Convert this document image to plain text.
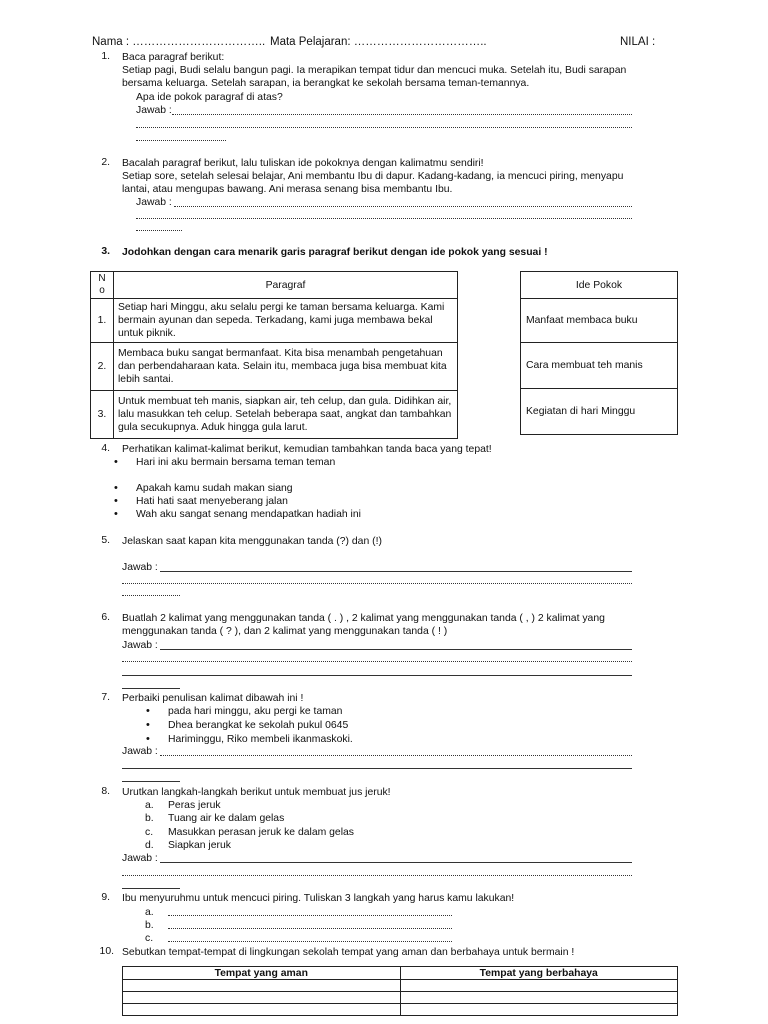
Nama : …………………………….. Mata Pelajaran: ……………………………..	NILAI :
1. Baca paragraf berikut:
Setiap pagi, Budi selalu bangun pagi. Ia merapikan tempat tidur dan mencuci muka. Setelah itu, Budi sarapan
bersama keluarga. Setelah sarapan, ia berangkat ke sekolah bersama teman-temannya.
Apa ide pokok paragraf di atas?
Jawab :
2. Bacalah paragraf berikut, lalu tuliskan ide pokoknya dengan kalimatmu sendiri!
Setiap sore, setelah selesai belajar, Ani membantu Ibu di dapur. Kadang-kadang, ia mencuci piring, menyapu
lantai, atau mengupas bawang. Ani merasa senang bisa membantu Ibu.
Jawab :
3. Jodohkan dengan cara menarik garis paragraf berikut dengan ide pokok yang sesuai !
N
o	Paragraf
1.	Setiap hari Minggu, aku selalu pergi ke taman bersama keluarga. Kami bermain ayunan dan sepeda. Terkadang, kami juga membawa bekal untuk piknik.
2.	Membaca buku sangat bermanfaat. Kita bisa menambah pengetahuan dan perbendaharaan kata. Selain itu, membaca juga bisa membuat kita lebih santai.
3.	Untuk membuat teh manis, siapkan air, teh celup, dan gula. Didihkan air, lalu masukkan teh celup. Setelah beberapa saat, angkat dan tambahkan gula secukupnya. Aduk hingga gula larut.
Ide Pokok
Manfaat membaca buku
Cara membuat teh manis
Kegiatan di hari Minggu
4. Perhatikan kalimat-kalimat berikut, kemudian tambahkan tanda baca yang tepat!
• Hari ini aku bermain bersama teman teman
• Apakah kamu sudah makan siang
• Hati hati saat menyeberang jalan
• Wah aku sangat senang mendapatkan hadiah ini
5. Jelaskan saat kapan kita menggunakan tanda (?) dan (!)
Jawab :
6. Buatlah 2 kalimat yang menggunakan tanda ( . ) , 2 kalimat yang menggunakan tanda ( , ) 2 kalimat yang
menggunakan tanda ( ? ), dan 2 kalimat yang menggunakan tanda ( ! )
Jawab :
7. Perbaiki penulisan kalimat dibawah ini !
• pada hari minggu, aku pergi ke taman
• Dhea berangkat ke sekolah pukul 0645
• Hariminggu, Riko membeli ikanmaskoki.
Jawab :
8. Urutkan langkah-langkah berikut untuk membuat jus jeruk!
a. Peras jeruk
b. Tuang air ke dalam gelas
c. Masukkan perasan jeruk ke dalam gelas
d. Siapkan jeruk
Jawab :
9. Ibu menyuruhmu untuk mencuci piring. Tuliskan 3 langkah yang harus kamu lakukan!
a.
b.
c.
10. Sebutkan tempat-tempat di lingkungan sekolah tempat yang aman dan berbahaya untuk bermain !
Tempat yang aman	Tempat yang berbahaya
